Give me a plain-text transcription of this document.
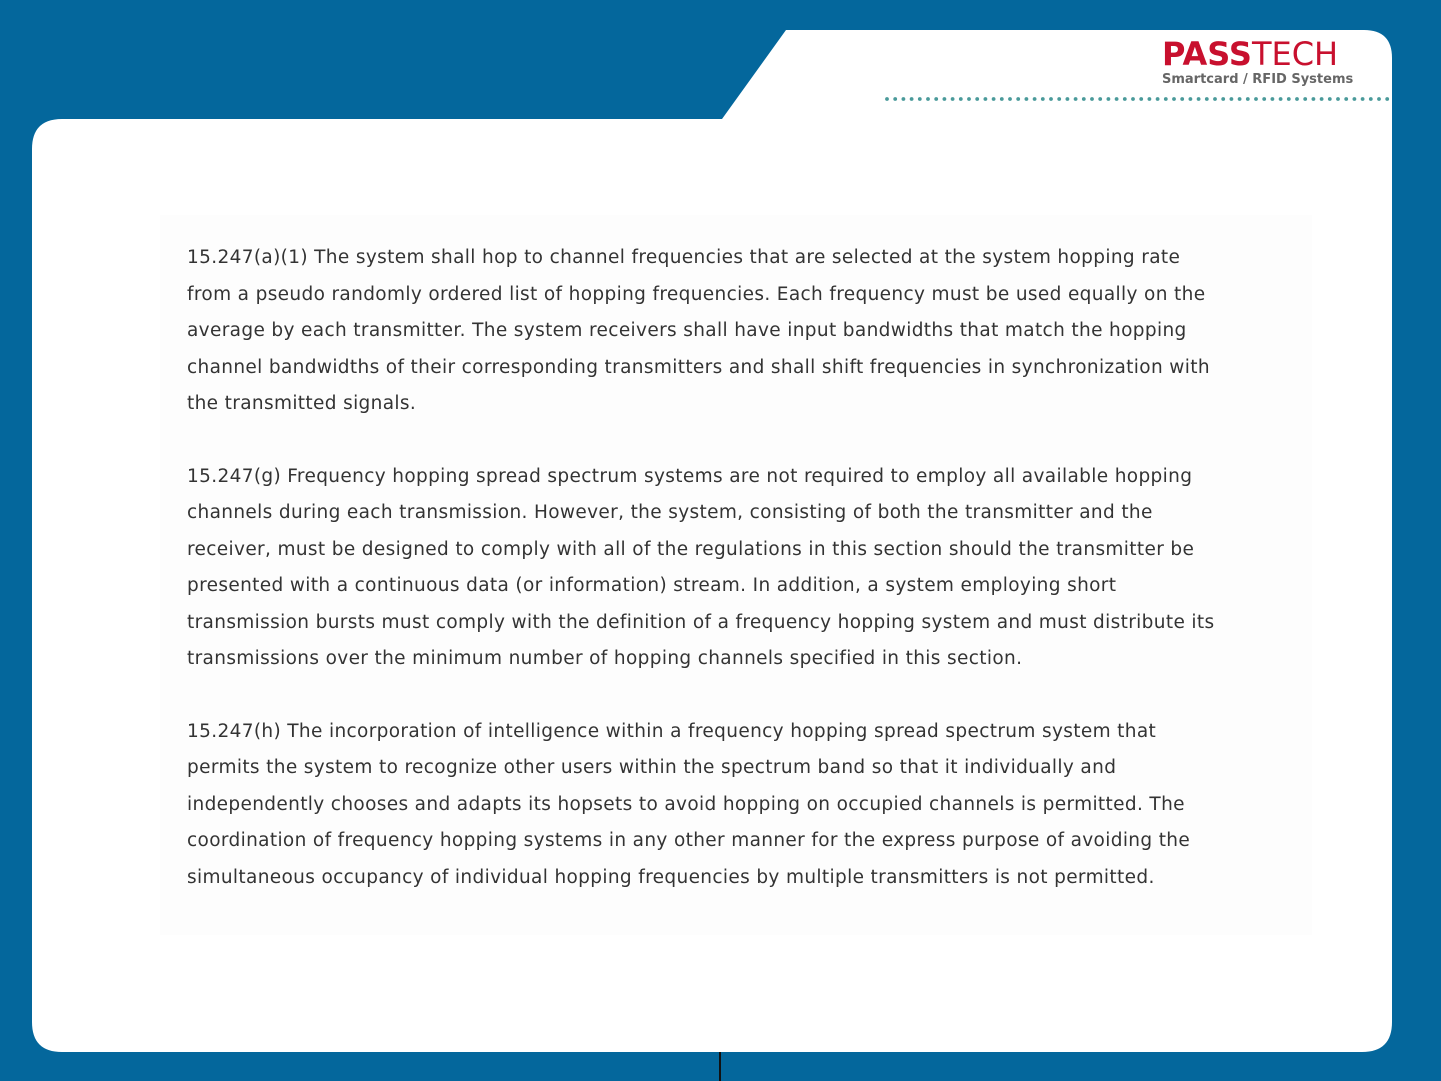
PASSTECH
Smartcard / RFID Systems
15.247(a)(1) The system shall hop to channel frequencies that are selected at the system hopping rate
from a pseudo randomly ordered list of hopping frequencies. Each frequency must be used equally on the
average by each transmitter. The system receivers shall have input bandwidths that match the hopping
channel bandwidths of their corresponding transmitters and shall shift frequencies in synchronization with
the transmitted signals.
15.247(g) Frequency hopping spread spectrum systems are not required to employ all available hopping
channels during each transmission. However, the system, consisting of both the transmitter and the
receiver, must be designed to comply with all of the regulations in this section should the transmitter be
presented with a continuous data (or information) stream. In addition, a system employing short
transmission bursts must comply with the definition of a frequency hopping system and must distribute its
transmissions over the minimum number of hopping channels specified in this section.
15.247(h) The incorporation of intelligence within a frequency hopping spread spectrum system that
permits the system to recognize other users within the spectrum band so that it individually and
independently chooses and adapts its hopsets to avoid hopping on occupied channels is permitted. The
coordination of frequency hopping systems in any other manner for the express purpose of avoiding the
simultaneous occupancy of individual hopping frequencies by multiple transmitters is not permitted.
